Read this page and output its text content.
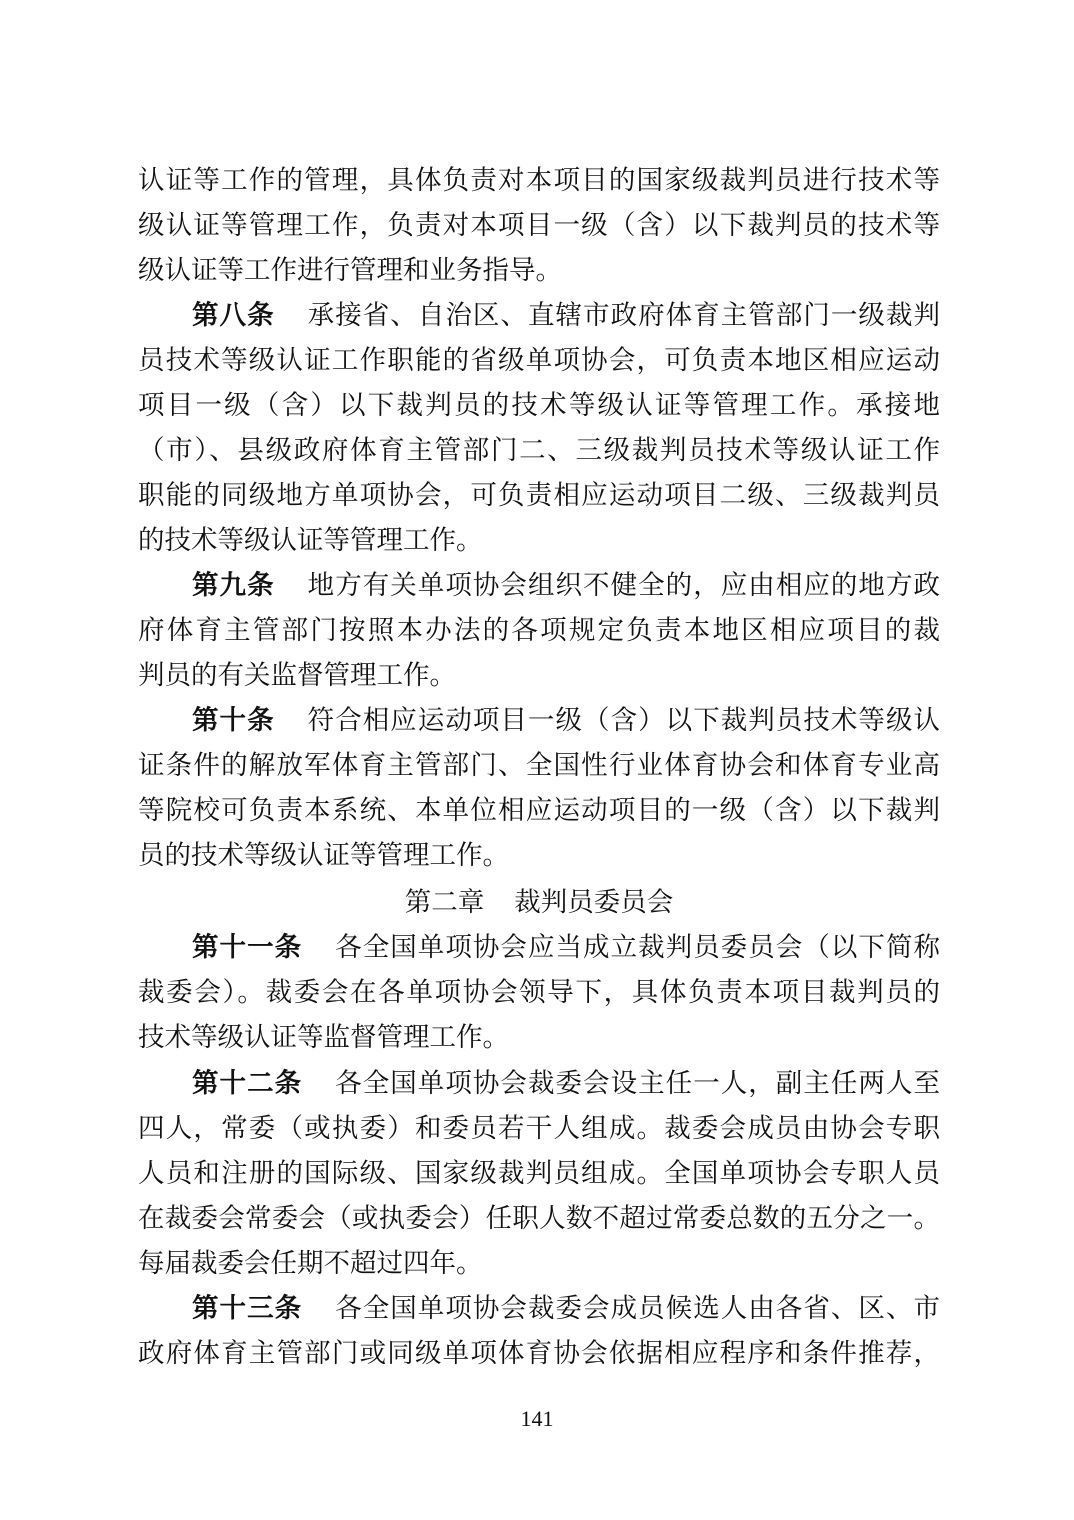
认证等工作的管理，具体负责对本项目的国家级裁判员进行技术等
级认证等管理工作，负责对本项目一级（含）以下裁判员的技术等
级认证等工作进行管理和业务指导。
第八条 承接省、自治区、直辖市政府体育主管部门一级裁判
员技术等级认证工作职能的省级单项协会，可负责本地区相应运动
项目一级（含）以下裁判员的技术等级认证等管理工作。承接地
（市）、县级政府体育主管部门二、三级裁判员技术等级认证工作
职能的同级地方单项协会，可负责相应运动项目二级、三级裁判员
的技术等级认证等管理工作。
第九条 地方有关单项协会组织不健全的，应由相应的地方政
府体育主管部门按照本办法的各项规定负责本地区相应项目的裁
判员的有关监督管理工作。
第十条 符合相应运动项目一级（含）以下裁判员技术等级认
证条件的解放军体育主管部门、全国性行业体育协会和体育专业高
等院校可负责本系统、本单位相应运动项目的一级（含）以下裁判
员的技术等级认证等管理工作。
第二章 裁判员委员会
第十一条 各全国单项协会应当成立裁判员委员会（以下简称
裁委会）。裁委会在各单项协会领导下，具体负责本项目裁判员的
技术等级认证等监督管理工作。
第十二条 各全国单项协会裁委会设主任一人，副主任两人至
四人，常委（或执委）和委员若干人组成。裁委会成员由协会专职
人员和注册的国际级、国家级裁判员组成。全国单项协会专职人员
在裁委会常委会（或执委会）任职人数不超过常委总数的五分之一。
每届裁委会任期不超过四年。
第十三条 各全国单项协会裁委会成员候选人由各省、区、市
政府体育主管部门或同级单项体育协会依据相应程序和条件推荐，
141
